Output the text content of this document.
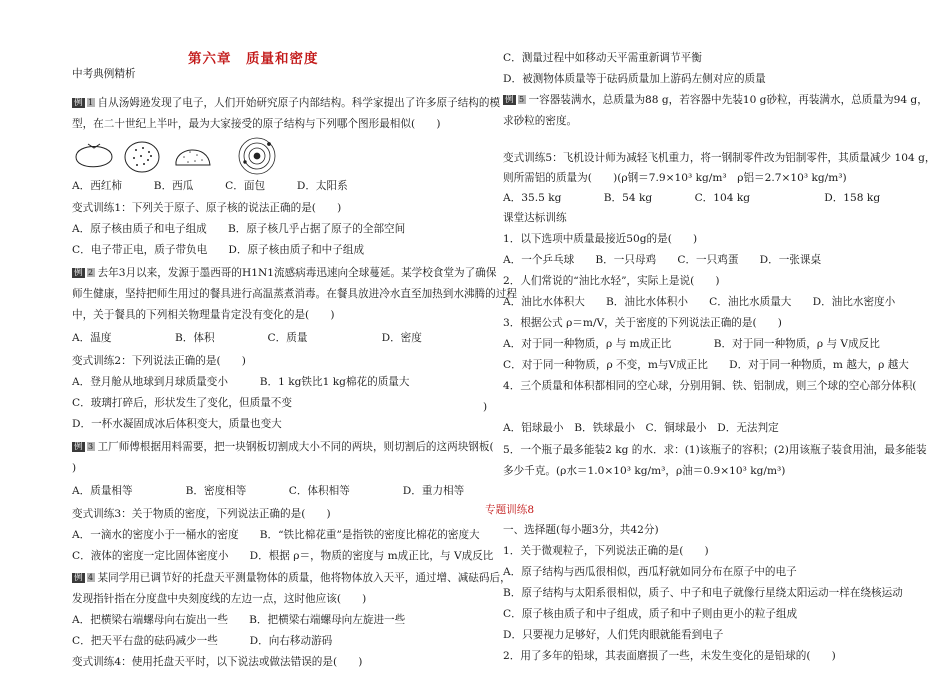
第六章　质量和密度
中考典例精析
例 1 自从汤姆逊发现了电子，人们开始研究原子内部结构。科学家提出了许多原子结构的模
型，在二十世纪上半叶，最为大家接受的原子结构与下列哪个图形最相似(　　)
A．西红柿　　　B．西瓜　　　C．面包　　　D．太阳系
变式训练1：下列关于原子、原子核的说法正确的是(　　)
A．原子核由质子和电子组成　　B．原子核几乎占据了原子的全部空间
C．电子带正电，质子带负电　　D．原子核由质子和中子组成
例 2 去年3月以来，发源于墨西哥的H1N1流感病毒迅速向全球蔓延。某学校食堂为了确保
师生健康，坚持把师生用过的餐具进行高温蒸煮消毒。在餐具放进冷水直至加热到水沸腾的过程
中，关于餐具的下列相关物理量肯定没有变化的是(　　)
A．温度　　　　　　B．体积　　　　　C．质量　　　　　　　D．密度
变式训练2：下列说法正确的是(　　)
A．登月舱从地球到月球质量变小　　　B．1 kg铁比1 kg棉花的质量大
C．玻璃打碎后，形状发生了变化，但质量不变
D．一杯水凝固成冰后体积变大，质量也变大
例 3 工厂师傅根据用料需要，把一块钢板切割成大小不同的两块，则切割后的这两块钢板(
)
A．质量相等　　　　　B．密度相等　　　　C．体积相等　　　　　D．重力相等
变式训练3：关于物质的密度，下列说法正确的是(　　)
A．一滴水的密度小于一桶水的密度　　B．“铁比棉花重”是指铁的密度比棉花的密度大
C．液体的密度一定比固体密度小　　D．根据 ρ＝，物质的密度与 m成正比，与 V成反比
例 4 某同学用已调节好的托盘天平测量物体的质量，他将物体放入天平，通过增、减砝码后，
发现指针指在分度盘中央刻度线的左边一点，这时他应该(　　)
A．把横梁右端螺母向右旋出一些　　B．把横梁右端螺母向左旋进一些
C．把天平右盘的砝码减少一些　　　D．向右移动游码
变式训练4：使用托盘天平时，以下说法或做法错误的是(　　)
C．测量过程中如移动天平需重新调节平衡
D．被测物体质量等于砝码质量加上游码左侧对应的质量
例 5 一容器装满水，总质量为88 g，若容器中先装10 g砂粒，再装满水，总质量为94 g，
求砂粒的密度。
变式训练5：飞机设计师为减轻飞机重力，将一钢制零件改为铝制零件，其质量减少 104 g，
则所需铝的质量为(　　)(ρ钢＝7.9×10³ kg/m³　ρ铝＝2.7×10³ kg/m³)
A．35.5 kg　　　　B．54 kg　　　　C．104 kg　　　　　　　D．158 kg
课堂达标训练
1．以下选项中质量最接近50g的是(　　)
A．一个乒乓球　　B．一只母鸡　　C．一只鸡蛋　　D．一张课桌
2．人们常说的“油比水轻”，实际上是说(　　)
A．油比水体积大　　B．油比水体积小　　C．油比水质量大　　D．油比水密度小
3．根据公式 ρ＝m/V，关于密度的下列说法正确的是(　　)
A．对于同一种物质，ρ 与 m成正比　　　　B．对于同一种物质，ρ 与 V成反比
C．对于同一种物质，ρ 不变，m与V成正比　　D．对于同一种物质，m 越大，ρ 越大
4．三个质量和体积都相同的空心球，分别用铜、铁、铝制成，则三个球的空心部分体积(
)
A．铝球最小　B．铁球最小　C．铜球最小　D．无法判定
5．一个瓶子最多能装2 kg 的水．求：(1)该瓶子的容积；(2)用该瓶子装食用油，最多能装
多少千克。(ρ水＝1.0×10³ kg/m³，ρ油＝0.9×10³ kg/m³)
专题训练8
一、选择题(每小题3分，共42分)
1．关于微观粒子，下列说法正确的是(　　)
A．原子结构与西瓜很相似，西瓜籽就如同分布在原子中的电子
B．原子结构与太阳系很相似，质子、中子和电子就像行星绕太阳运动一样在绕核运动
C．原子核由质子和中子组成，质子和中子则由更小的粒子组成
D．只要视力足够好，人们凭肉眼就能看到电子
2．用了多年的铅球，其表面磨损了一些，未发生变化的是铅球的(　　)
